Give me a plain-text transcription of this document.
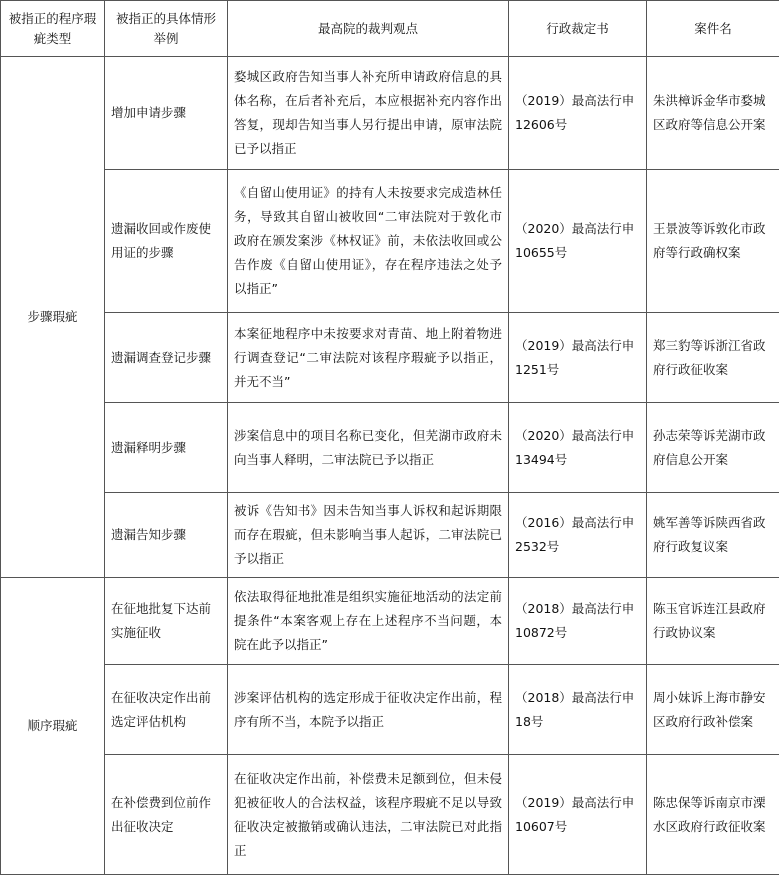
被指正的程序瑕疵类型	被指正的具体情形举例	最高院的裁判观点	行政裁定书	案件名
步骤瑕疵	增加申请步骤	婺城区政府告知当事人补充所申请政府信息的具体名称，在后者补充后，本应根据补充内容作出答复，现却告知当事人另行提出申请，原审法院已予以指正	（2019）最高法行申12606号	朱洪樟诉金华市婺城区政府等信息公开案
	遗漏收回或作废使用证的步骤	《自留山使用证》的持有人未按要求完成造林任务，导致其自留山被收回“二审法院对于敦化市政府在颁发案涉《林权证》前，未依法收回或公告作废《自留山使用证》，存在程序违法之处予以指正”	（2020）最高法行申10655号	王景波等诉敦化市政府等行政确权案
	遗漏调查登记步骤	本案征地程序中未按要求对青苗、地上附着物进行调查登记“二审法院对该程序瑕疵予以指正，并无不当”	（2019）最高法行申1251号	郑三豹等诉浙江省政府行政征收案
	遗漏释明步骤	涉案信息中的项目名称已变化，但芜湖市政府未向当事人释明，二审法院已予以指正	（2020）最高法行申13494号	孙志荣等诉芜湖市政府信息公开案
	遗漏告知步骤	被诉《告知书》因未告知当事人诉权和起诉期限而存在瑕疵，但未影响当事人起诉，二审法院已予以指正	（2016）最高法行申2532号	姚军善等诉陕西省政府行政复议案
顺序瑕疵	在征地批复下达前实施征收	依法取得征地批准是组织实施征地活动的法定前提条件“本案客观上存在上述程序不当问题，本院在此予以指正”	（2018）最高法行申10872号	陈玉官诉连江县政府行政协议案
	在征收决定作出前选定评估机构	涉案评估机构的选定形成于征收决定作出前，程序有所不当，本院予以指正	（2018）最高法行申18号	周小妹诉上海市静安区政府行政补偿案
	在补偿费到位前作出征收决定	在征收决定作出前，补偿费未足额到位，但未侵犯被征收人的合法权益，该程序瑕疵不足以导致征收决定被撤销或确认违法，二审法院已对此指正	（2019）最高法行申10607号	陈忠保等诉南京市溧水区政府行政征收案
